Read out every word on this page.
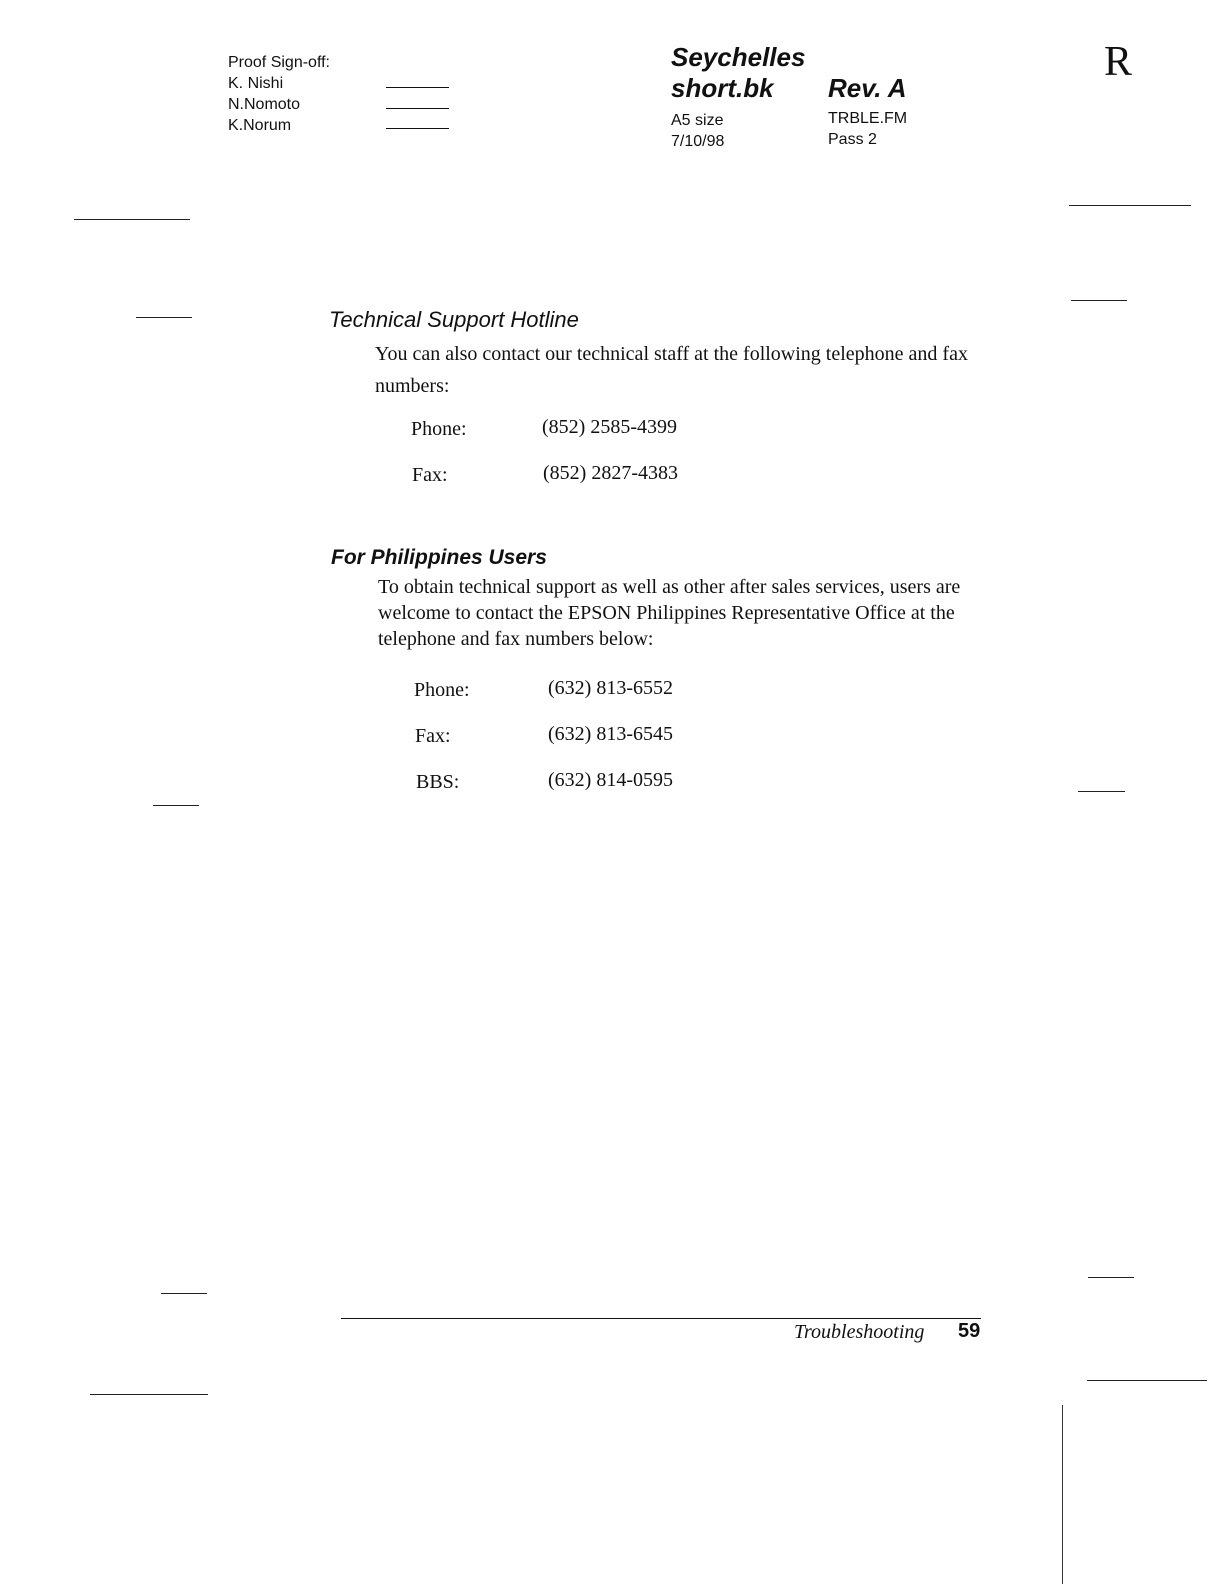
Proof Sign-off:
K. Nishi
N.Nomoto
K.Norum
Seychelles
short.bk Rev. A
A5 size
7/10/98
TRBLE.FM
Pass 2
R
Technical Support Hotline
You can also contact our technical staff at the following telephone and fax numbers:
Phone:	(852) 2585-4399
Fax:	(852) 2827-4383
For Philippines Users
To obtain technical support as well as other after sales services, users are welcome to contact the EPSON Philippines Representative Office at the telephone and fax numbers below:
Phone:	(632) 813-6552
Fax:	(632) 813-6545
BBS:	(632) 814-0595
Troubleshooting 59
